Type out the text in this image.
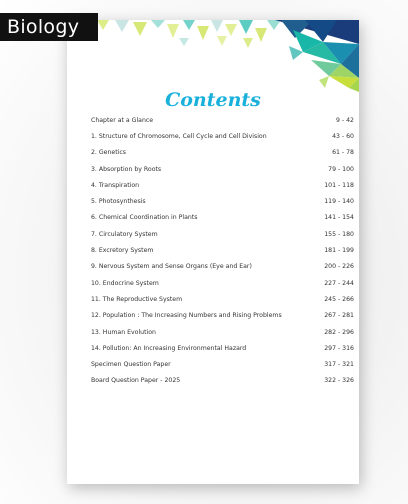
Contents
Chapter at a Glance	9 - 42
1. Structure of Chromosome, Cell Cycle and Cell Division	43 - 60
2. Genetics	61 - 78
3. Absorption by Roots	79 - 100
4. Transpiration	101 - 118
5. Photosynthesis	119 - 140
6. Chemical Coordination in Plants	141 - 154
7. Circulatory System	155 - 180
8. Excretory System	181 - 199
9. Nervous System and Sense Organs (Eye and Ear)	200 - 226
10. Endocrine System	227 - 244
11. The Reproductive System	245 - 266
12. Population : The Increasing Numbers and Rising Problems	267 - 281
13. Human Evolution	282 - 296
14. Pollution: An Increasing Environmental Hazard	297 - 316
Specimen Question Paper	317 - 321
Board Question Paper - 2025	322 - 326
Biology
